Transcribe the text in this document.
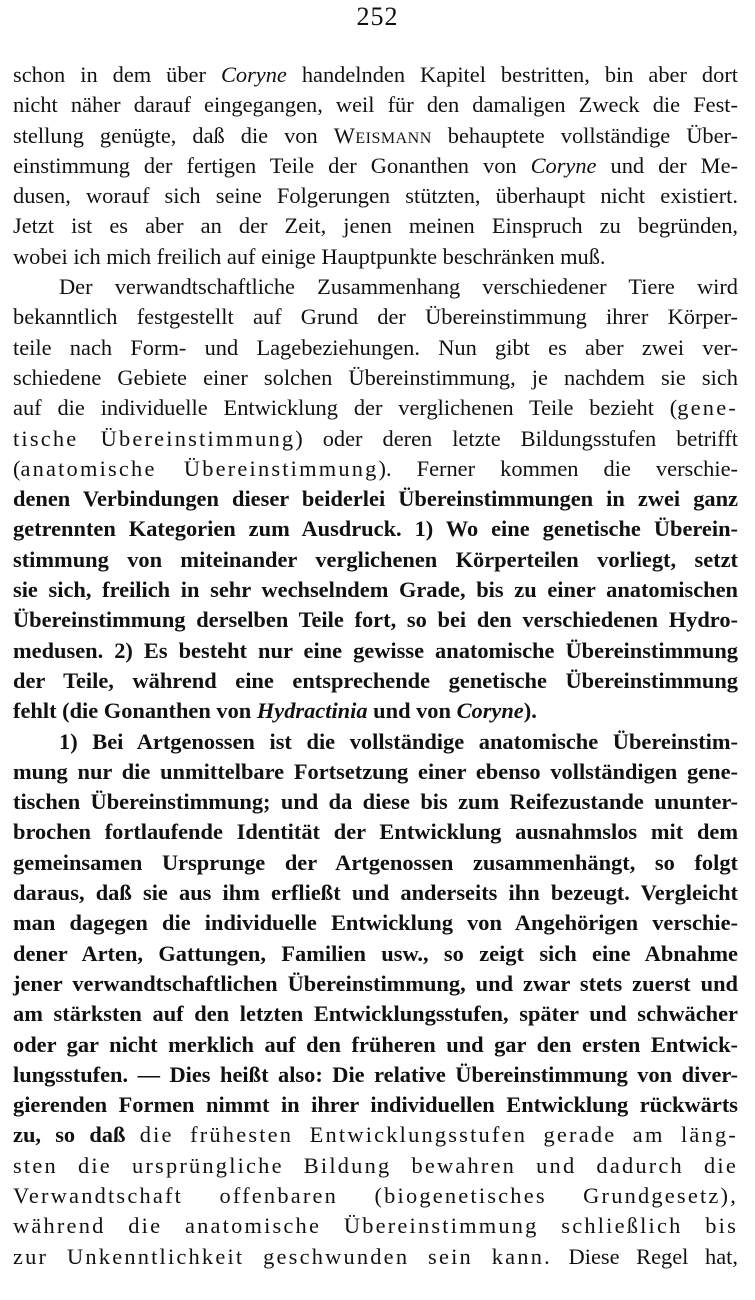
252
schon in dem über Coryne handelnden Kapitel bestritten, bin aber dort
nicht näher darauf eingegangen, weil für den damaligen Zweck die Fest-
stellung genügte, daß die von Weismann behauptete vollständige Über-
einstimmung der fertigen Teile der Gonanthen von Coryne und der Me-
dusen, worauf sich seine Folgerungen stützten, überhaupt nicht existiert.
Jetzt ist es aber an der Zeit, jenen meinen Einspruch zu begründen,
wobei ich mich freilich auf einige Hauptpunkte beschränken muß.
Der verwandtschaftliche Zusammenhang verschiedener Tiere wird
bekanntlich festgestellt auf Grund der Übereinstimmung ihrer Körper-
teile nach Form- und Lagebeziehungen. Nun gibt es aber zwei ver-
schiedene Gebiete einer solchen Übereinstimmung, je nachdem sie sich
auf die individuelle Entwicklung der verglichenen Teile bezieht (gene-
tische Übereinstimmung) oder deren letzte Bildungsstufen betrifft
(anatomische Übereinstimmung). Ferner kommen die verschie-
denen Verbindungen dieser beiderlei Übereinstimmungen in zwei ganz
getrennten Kategorien zum Ausdruck. 1) Wo eine genetische Überein-
stimmung von miteinander verglichenen Körperteilen vorliegt, setzt
sie sich, freilich in sehr wechselndem Grade, bis zu einer anatomischen
Übereinstimmung derselben Teile fort, so bei den verschiedenen Hydro-
medusen. 2) Es besteht nur eine gewisse anatomische Übereinstimmung
der Teile, während eine entsprechende genetische Übereinstimmung
fehlt (die Gonanthen von Hydractinia und von Coryne).
1) Bei Artgenossen ist die vollständige anatomische Übereinstim-
mung nur die unmittelbare Fortsetzung einer ebenso vollständigen gene-
tischen Übereinstimmung; und da diese bis zum Reifezustande ununter-
brochen fortlaufende Identität der Entwicklung ausnahmslos mit dem
gemeinsamen Ursprunge der Artgenossen zusammenhängt, so folgt
daraus, daß sie aus ihm erfließt und anderseits ihn bezeugt. Vergleicht
man dagegen die individuelle Entwicklung von Angehörigen verschie-
dener Arten, Gattungen, Familien usw., so zeigt sich eine Abnahme
jener verwandtschaftlichen Übereinstimmung, und zwar stets zuerst und
am stärksten auf den letzten Entwicklungsstufen, später und schwächer
oder gar nicht merklich auf den früheren und gar den ersten Entwick-
lungsstufen. — Dies heißt also: Die relative Übereinstimmung von diver-
gierenden Formen nimmt in ihrer individuellen Entwicklung rückwärts
zu, so daß die frühesten Entwicklungsstufen gerade am läng-
sten die ursprüngliche Bildung bewahren und dadurch die
Verwandtschaft offenbaren (biogenetisches Grundgesetz),
während die anatomische Übereinstimmung schließlich bis
zur Unkenntlichkeit geschwunden sein kann. Diese Regel hat,
